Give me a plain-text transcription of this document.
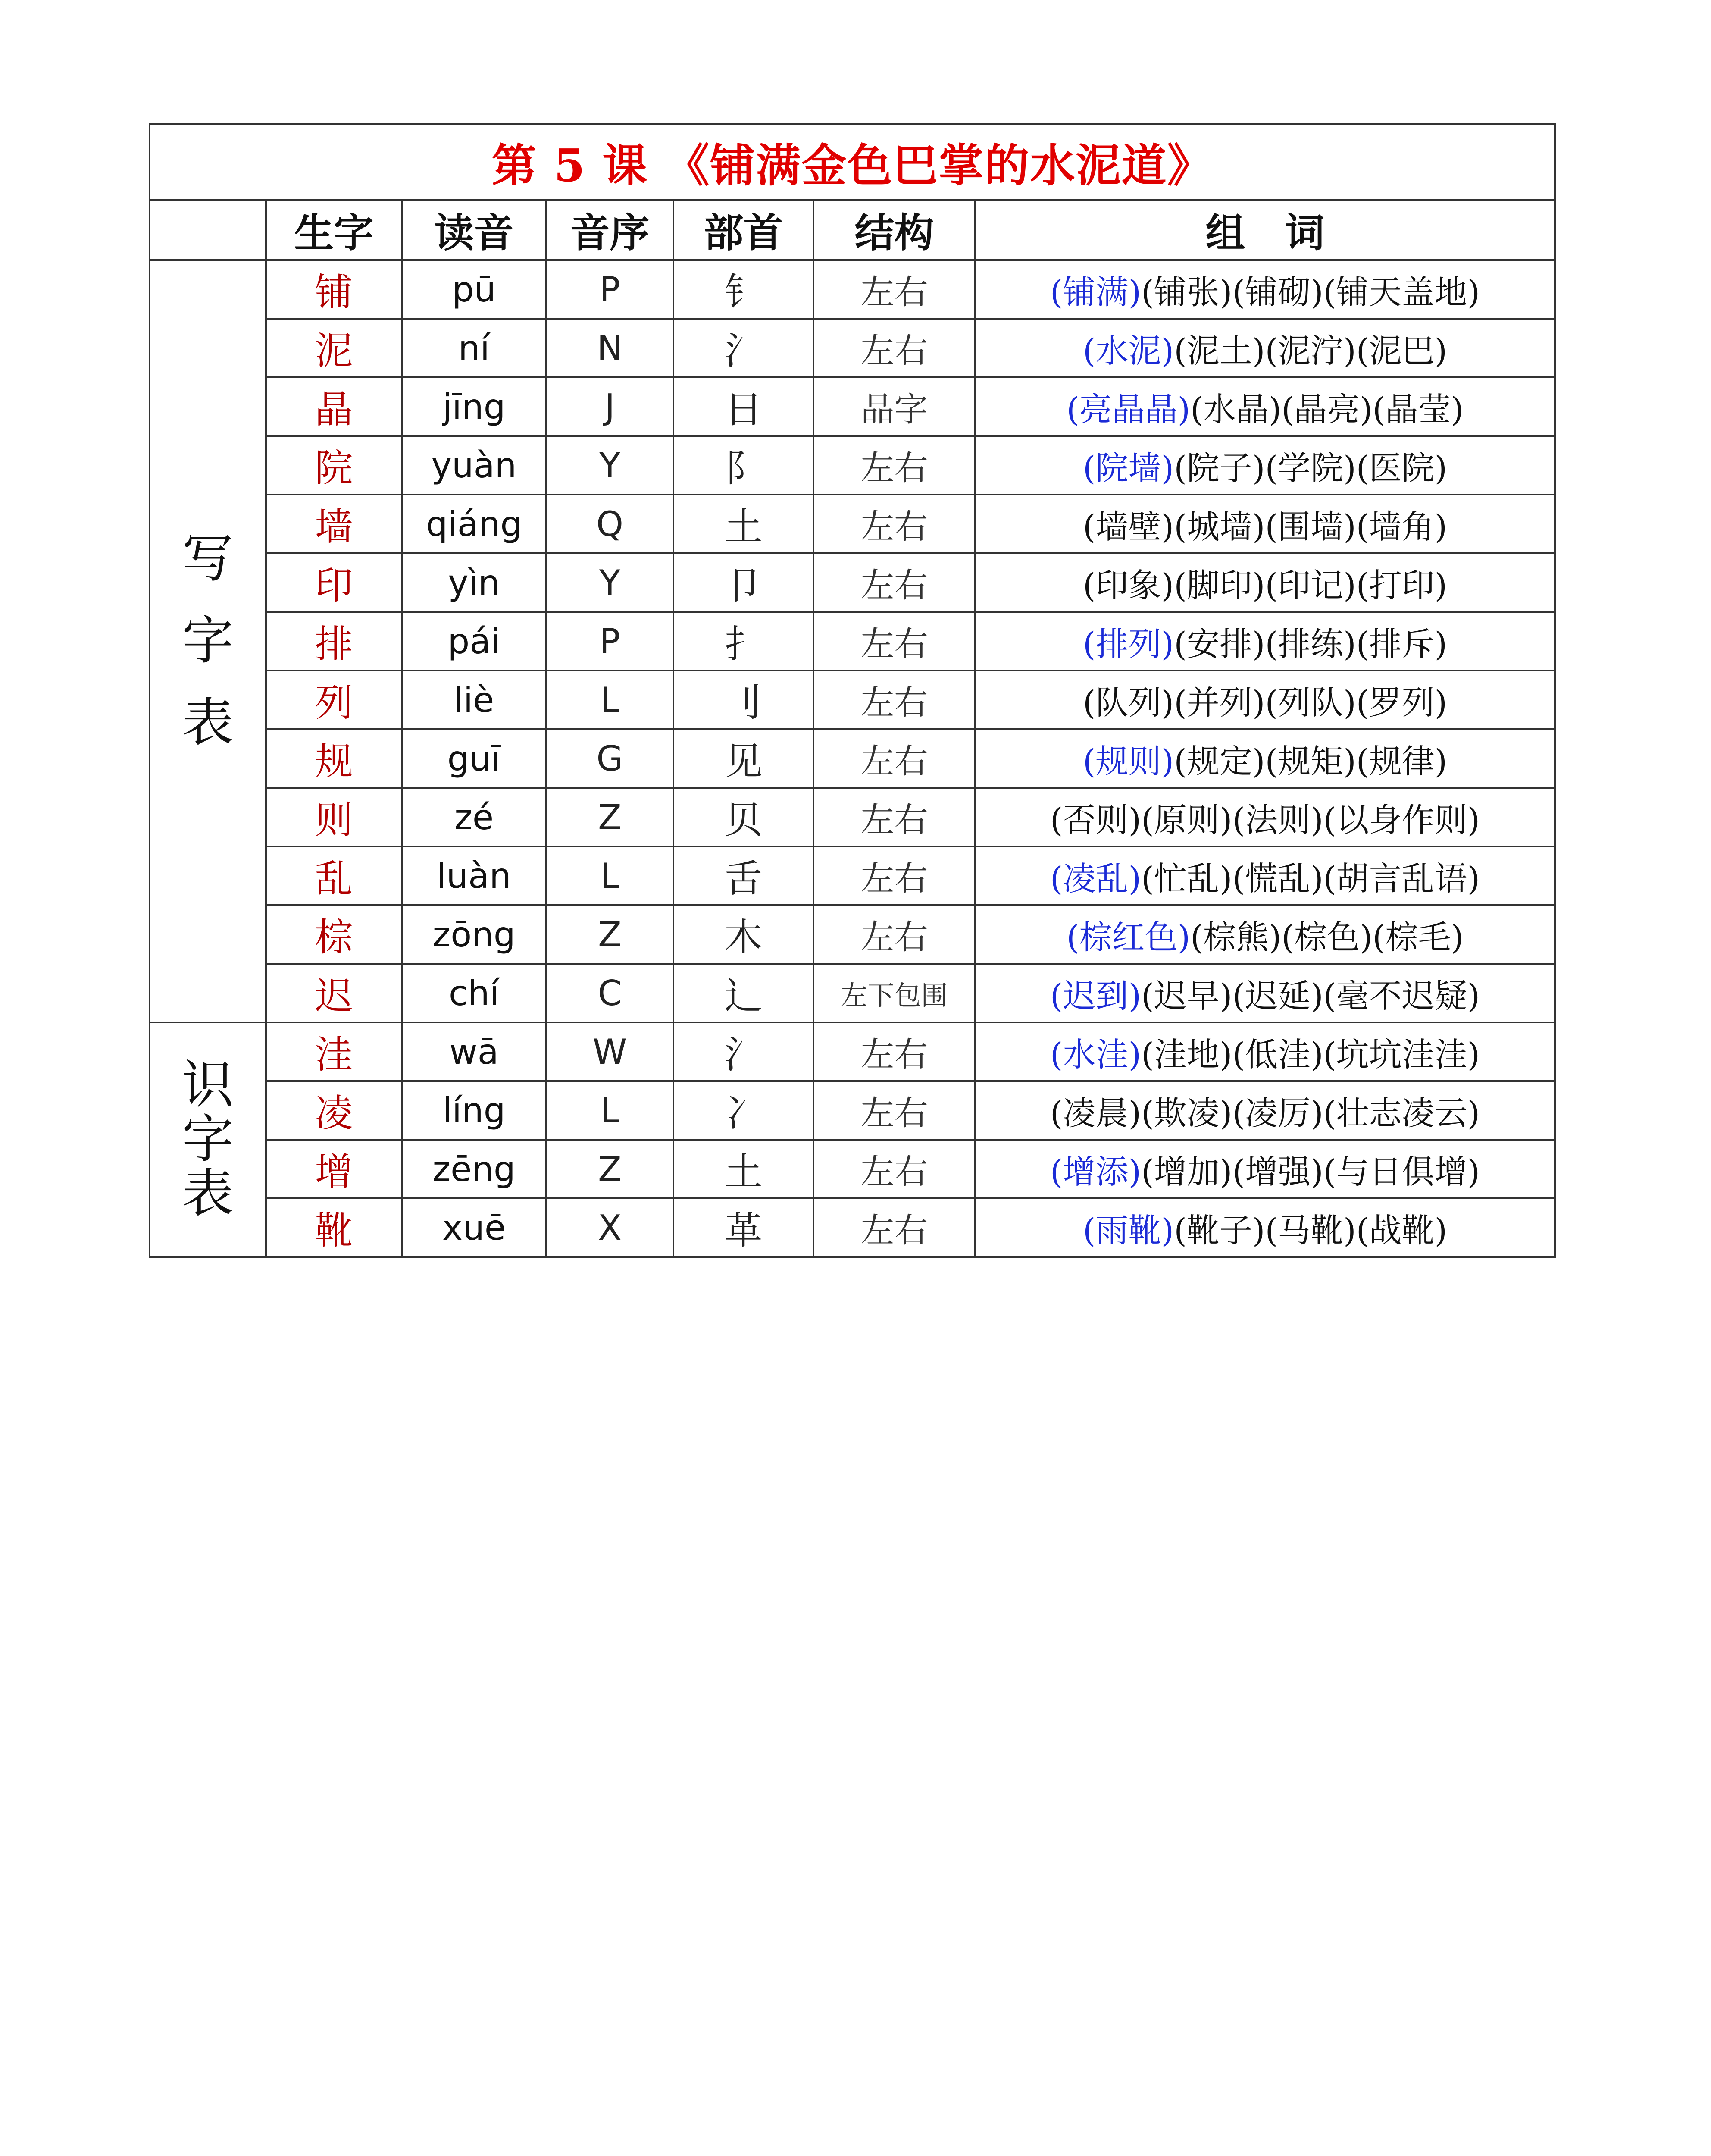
第 5 课 《铺满金色巴掌的水泥道》						
	生字	读音	音序	部首	结构	组　词

写
字
表	铺	pū	P	钅	左右	(铺满)(铺张)(铺砌)(铺天盖地)
	泥	ní	N	氵	左右	(水泥)(泥土)(泥泞)(泥巴)
	晶	jīng	J	日	品字	(亮晶晶)(水晶)(晶亮)(晶莹)
	院	yuàn	Y	阝	左右	(院墙)(院子)(学院)(医院)
	墙	qiáng	Q	土	左右	(墙壁)(城墙)(围墙)(墙角)
	印	yìn	Y	卩	左右	(印象)(脚印)(印记)(打印)
	排	pái	P	扌	左右	(排列)(安排)(排练)(排斥)
	列	liè	L	刂	左右	(队列)(并列)(列队)(罗列)
	规	guī	G	见	左右	(规则)(规定)(规矩)(规律)
	则	zé	Z	贝	左右	(否则)(原则)(法则)(以身作则)
	乱	luàn	L	舌	左右	(凌乱)(忙乱)(慌乱)(胡言乱语)
	棕	zōng	Z	木	左右	(棕红色)(棕熊)(棕色)(棕毛)
	迟	chí	C	辶	左下包围	(迟到)(迟早)(迟延)(毫不迟疑)

识
字
表	洼	wā	W	氵	左右	(水洼)(洼地)(低洼)(坑坑洼洼)
	凌	líng	L	冫	左右	(凌晨)(欺凌)(凌厉)(壮志凌云)
	增	zēng	Z	土	左右	(增添)(增加)(增强)(与日俱增)
	靴	xuē	X	革	左右	(雨靴)(靴子)(马靴)(战靴)
